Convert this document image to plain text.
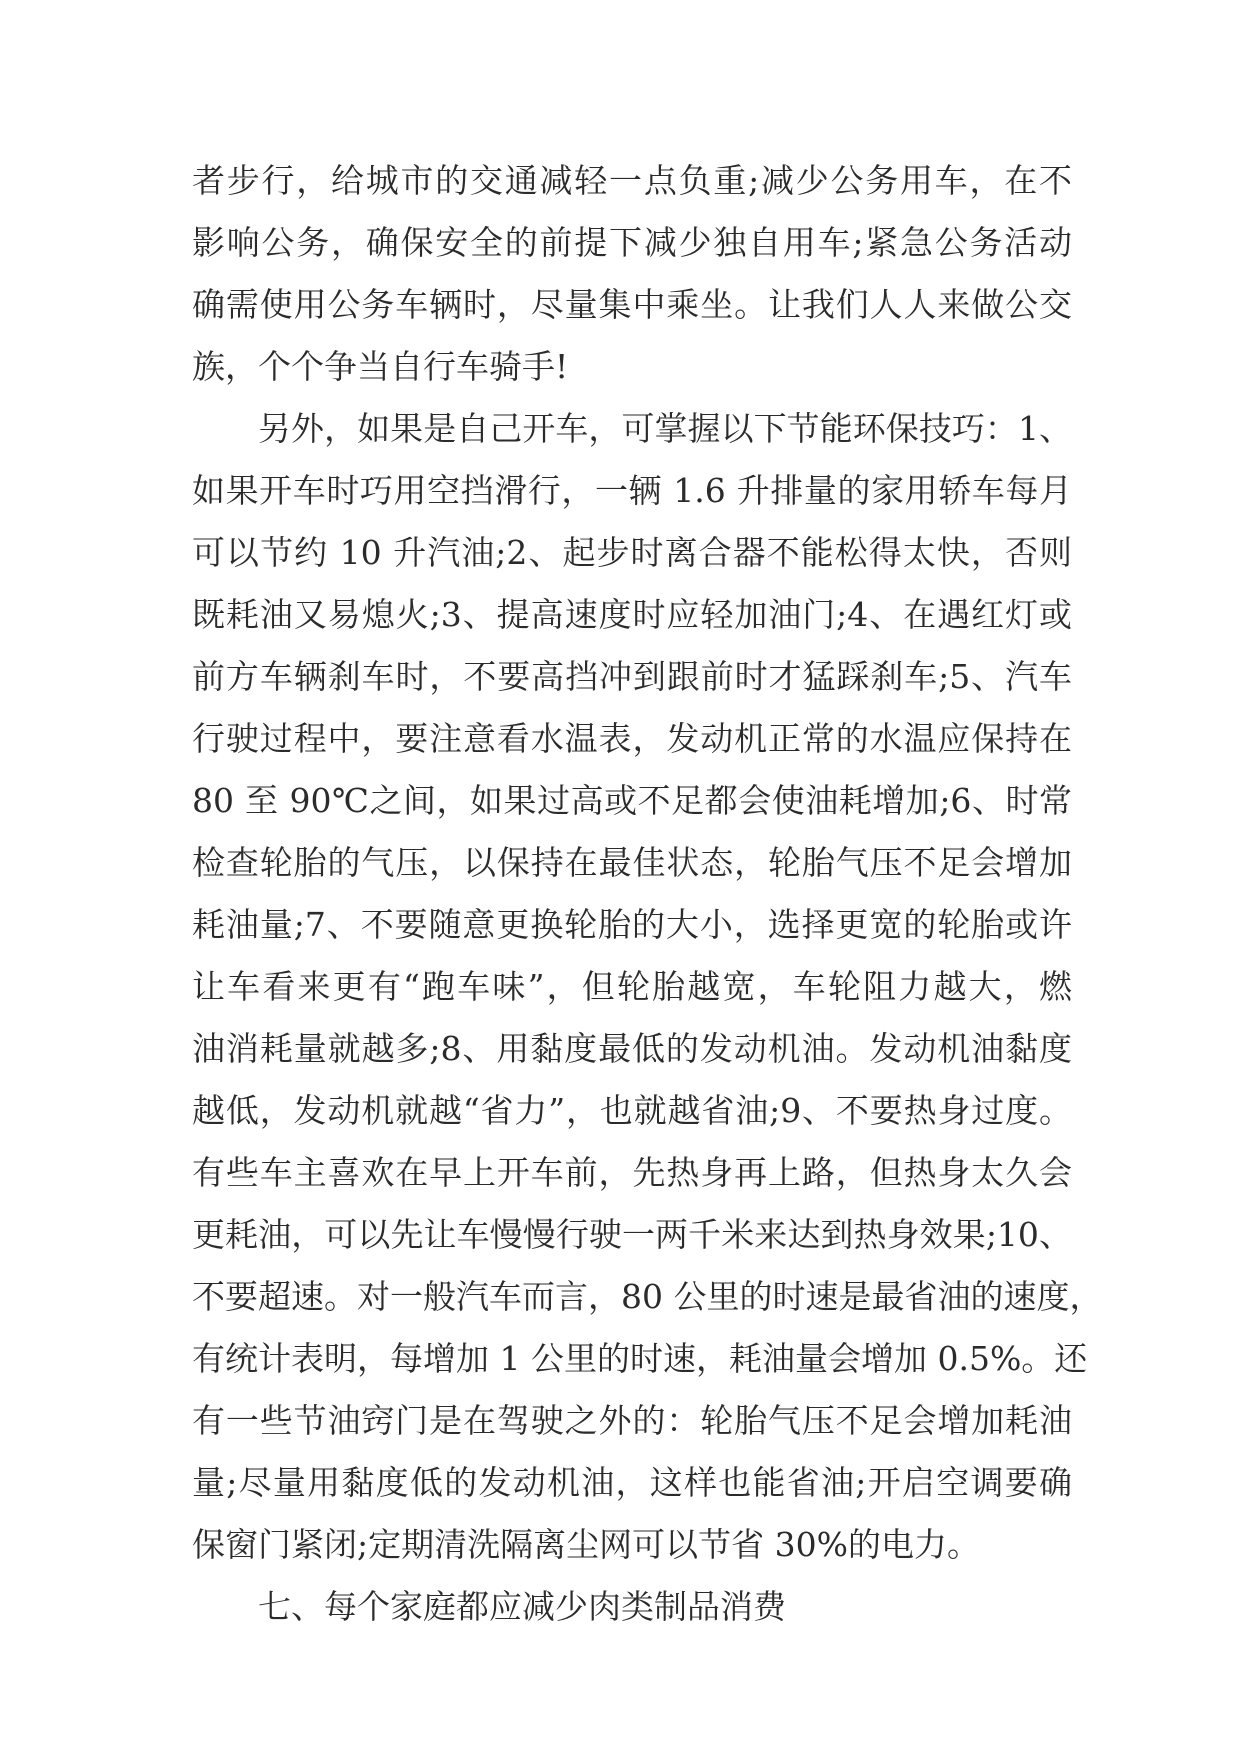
者步行，给城市的交通减轻一点负重;减少公务用车，在不
影响公务，确保安全的前提下减少独自用车;紧急公务活动
确需使用公务车辆时，尽量集中乘坐。让我们人人来做公交
族，个个争当自行车骑手!
另外，如果是自己开车，可掌握以下节能环保技巧：1、
如果开车时巧用空挡滑行，一辆 1.6 升排量的家用轿车每月
可以节约 10 升汽油;2、起步时离合器不能松得太快，否则
既耗油又易熄火;3、提高速度时应轻加油门;4、在遇红灯或
前方车辆刹车时，不要高挡冲到跟前时才猛踩刹车;5、汽车
行驶过程中，要注意看水温表，发动机正常的水温应保持在
80 至 90℃之间，如果过高或不足都会使油耗增加;6、时常
检查轮胎的气压，以保持在最佳状态，轮胎气压不足会增加
耗油量;7、不要随意更换轮胎的大小，选择更宽的轮胎或许
让车看来更有“跑车味”，但轮胎越宽，车轮阻力越大，燃
油消耗量就越多;8、用黏度最低的发动机油。发动机油黏度
越低，发动机就越“省力”，也就越省油;9、不要热身过度。
有些车主喜欢在早上开车前，先热身再上路，但热身太久会
更耗油，可以先让车慢慢行驶一两千米来达到热身效果;10、
不要超速。对一般汽车而言，80 公里的时速是最省油的速度，
有统计表明，每增加 1 公里的时速，耗油量会增加 0.5%。还
有一些节油窍门是在驾驶之外的：轮胎气压不足会增加耗油
量;尽量用黏度低的发动机油，这样也能省油;开启空调要确
保窗门紧闭;定期清洗隔离尘网可以节省 30%的电力。
七、每个家庭都应减少肉类制品消费
